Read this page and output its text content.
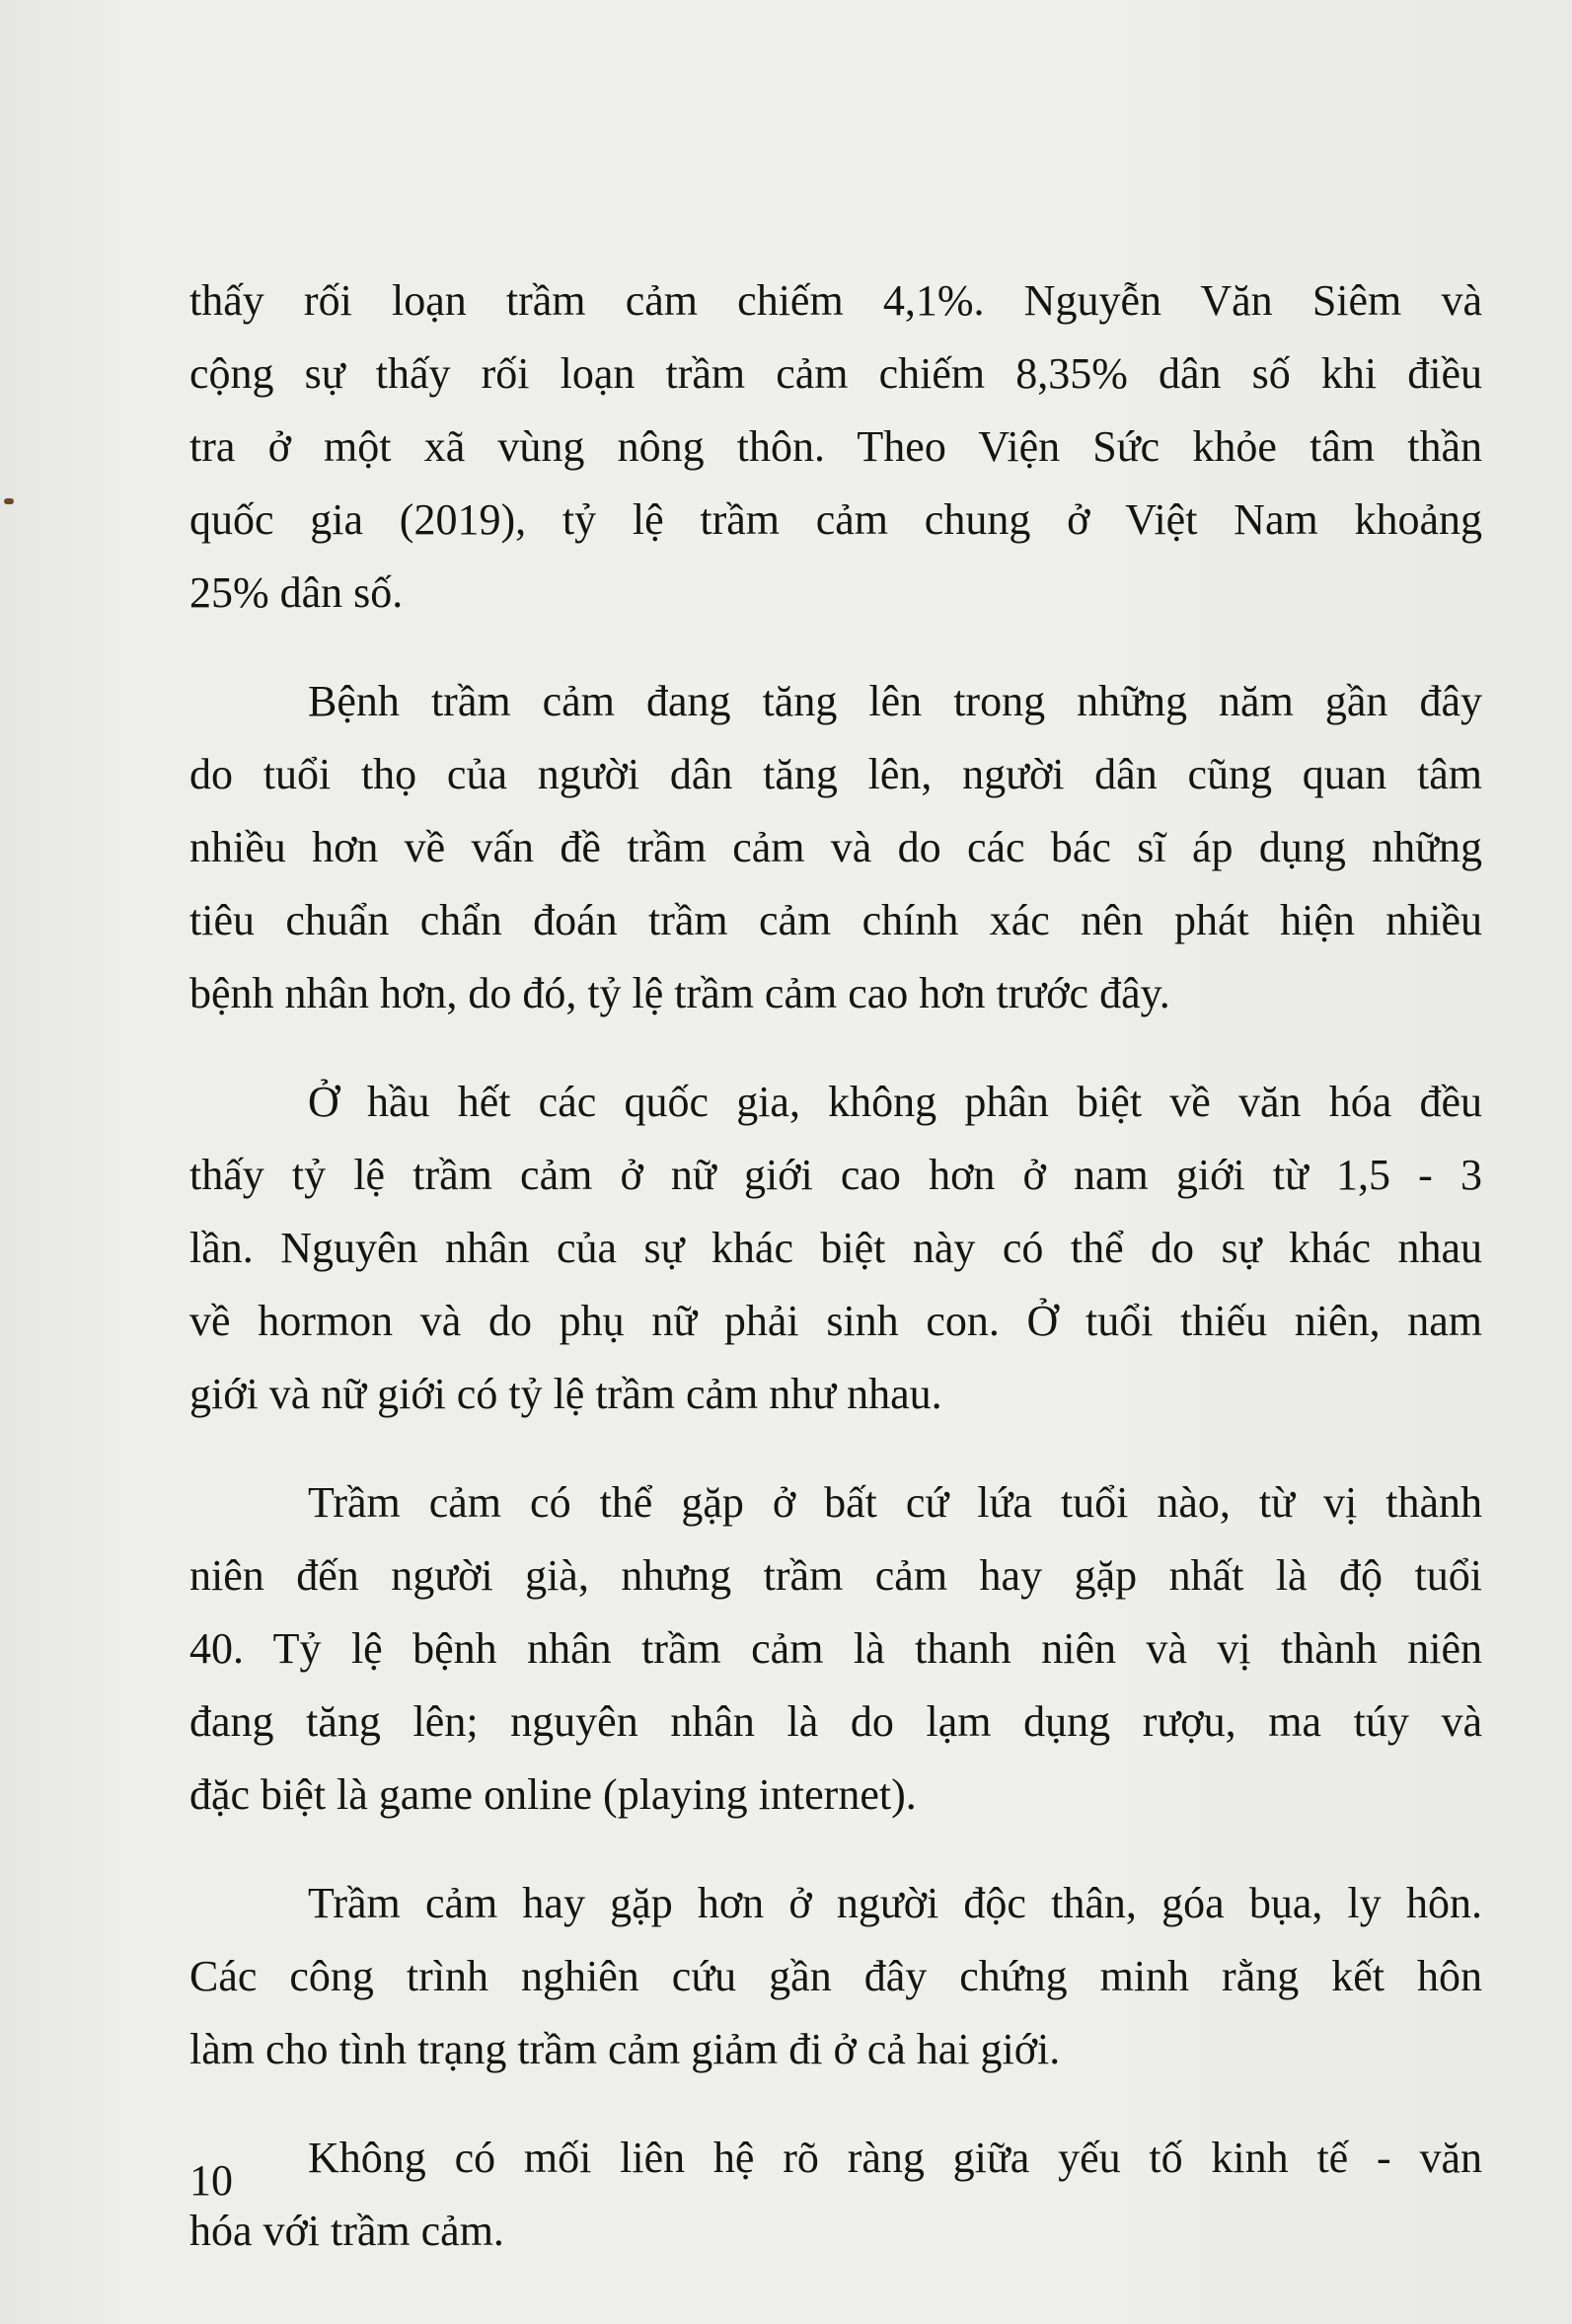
thấy rối loạn trầm cảm chiếm 4,1%. Nguyễn Văn Siêm và
cộng sự thấy rối loạn trầm cảm chiếm 8,35% dân số khi điều
tra ở một xã vùng nông thôn. Theo Viện Sức khỏe tâm thần
quốc gia (2019), tỷ lệ trầm cảm chung ở Việt Nam khoảng
25% dân số.

Bệnh trầm cảm đang tăng lên trong những năm gần đây
do tuổi thọ của người dân tăng lên, người dân cũng quan tâm
nhiều hơn về vấn đề trầm cảm và do các bác sĩ áp dụng những
tiêu chuẩn chẩn đoán trầm cảm chính xác nên phát hiện nhiều
bệnh nhân hơn, do đó, tỷ lệ trầm cảm cao hơn trước đây.

Ở hầu hết các quốc gia, không phân biệt về văn hóa đều
thấy tỷ lệ trầm cảm ở nữ giới cao hơn ở nam giới từ 1,5 - 3
lần. Nguyên nhân của sự khác biệt này có thể do sự khác nhau
về hormon và do phụ nữ phải sinh con. Ở tuổi thiếu niên, nam
giới và nữ giới có tỷ lệ trầm cảm như nhau.

Trầm cảm có thể gặp ở bất cứ lứa tuổi nào, từ vị thành
niên đến người già, nhưng trầm cảm hay gặp nhất là độ tuổi
40. Tỷ lệ bệnh nhân trầm cảm là thanh niên và vị thành niên
đang tăng lên; nguyên nhân là do lạm dụng rượu, ma túy và
đặc biệt là game online (playing internet).

Trầm cảm hay gặp hơn ở người độc thân, góa bụa, ly hôn.
Các công trình nghiên cứu gần đây chứng minh rằng kết hôn
làm cho tình trạng trầm cảm giảm đi ở cả hai giới.

Không có mối liên hệ rõ ràng giữa yếu tố kinh tế - văn
hóa với trầm cảm.

10
